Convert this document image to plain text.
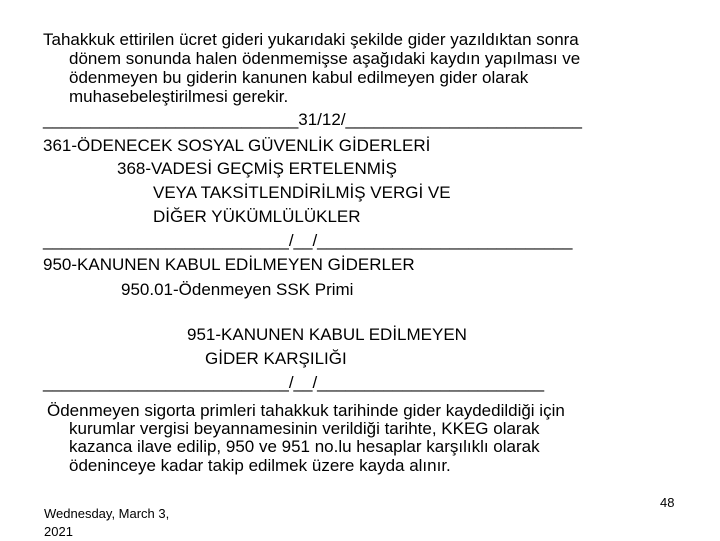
Tahakkuk ettirilen ücret gideri yukarıdaki şekilde gider yazıldıktan sonra
dönem sonunda halen ödenmemişse aşağıdaki kaydın yapılması ve
ödenmeyen bu giderin kanunen kabul edilmeyen gider olarak
muhasebeleştirilmesi gerekir.
___________________________31/12/_________________________
361-ÖDENECEK SOSYAL GÜVENLİK GİDERLERİ
368-VADESİ GEÇMİŞ ERTELENMİŞ
VEYA TAKSİTLENDİRİLMİŞ VERGİ VE
DİĞER YÜKÜMLÜLÜKLER
__________________________/__/___________________________
950-KANUNEN KABUL EDİLMEYEN GİDERLER
950.01-Ödenmeyen SSK Primi
951-KANUNEN KABUL EDİLMEYEN
GİDER KARŞILIĞI
__________________________/__/________________________
Ödenmeyen sigorta primleri tahakkuk tarihinde gider kaydedildiği için
kurumlar vergisi beyannamesinin verildiği tarihte, KKEG olarak
kazanca ilave edilip, 950 ve 951 no.lu hesaplar karşılıklı olarak
ödeninceye kadar takip edilmek üzere kayda alınır.
Wednesday, March 3, 2021
48
